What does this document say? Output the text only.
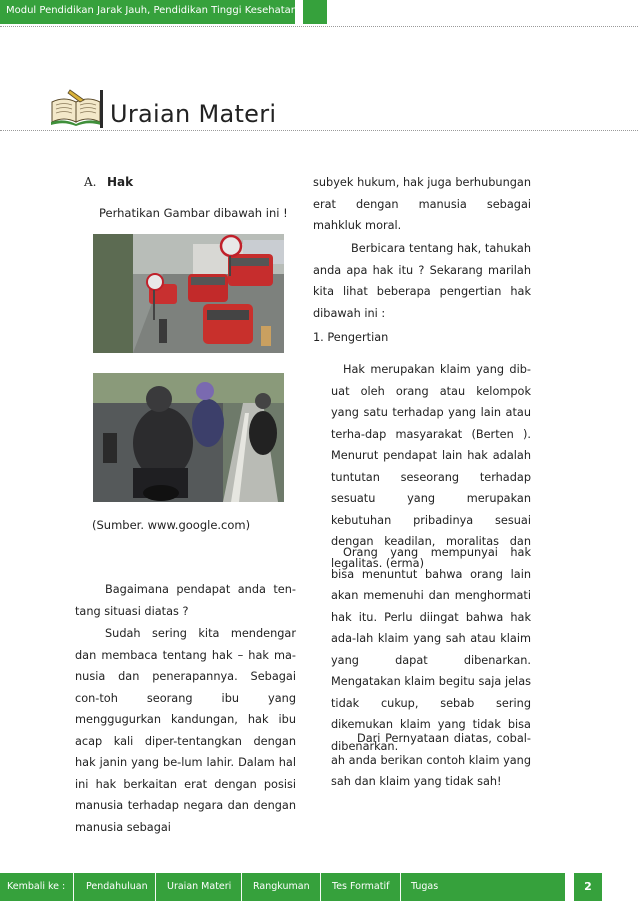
Modul Pendidikan Jarak Jauh, Pendidikan Tinggi Kesehatan
Uraian Materi
A. Hak
Perhatikan Gambar dibawah ini !
(Sumber. www.google.com)

Bagaimana pendapat anda ten-tang situasi diatas ?

Sudah sering kita mendengar dan membaca tentang hak – hak ma-nusia dan penerapannya. Sebagai con-toh seorang ibu yang menggugurkan kandungan, hak ibu acap kali diper-tentangkan dengan hak janin yang be-lum lahir. Dalam hal ini hak berkaitan erat dengan posisi manusia terhadap negara dan dengan manusia sebagai

subyek hukum, hak juga berhubungan erat dengan manusia sebagai mahkluk moral.

Berbicara tentang hak, tahukah anda apa hak itu ? Sekarang marilah kita lihat beberapa pengertian hak dibawah ini :

1. Pengertian

Hak merupakan klaim yang dib-uat oleh orang atau kelompok yang satu terhadap yang lain atau terha-dap masyarakat (Berten ). Menurut pendapat lain hak adalah tuntutan seseorang terhadap sesuatu yang merupakan kebutuhan pribadinya sesuai dengan keadilan, moralitas dan legalitas. (erma)

Orang yang mempunyai hak bisa menuntut bahwa orang lain akan memenuhi dan menghormati hak itu. Perlu diingat bahwa hak ada-lah klaim yang sah atau klaim yang dapat dibenarkan. Mengatakan klaim begitu saja jelas tidak cukup, sebab sering dikemukan klaim yang tidak bisa dibenarkan.

Dari Pernyataan diatas, cobal-ah anda berikan contoh klaim yang sah dan klaim yang tidak sah!

Kembali ke : Pendahuluan Uraian Materi Rangkuman Tes Formatif Tugas	2
